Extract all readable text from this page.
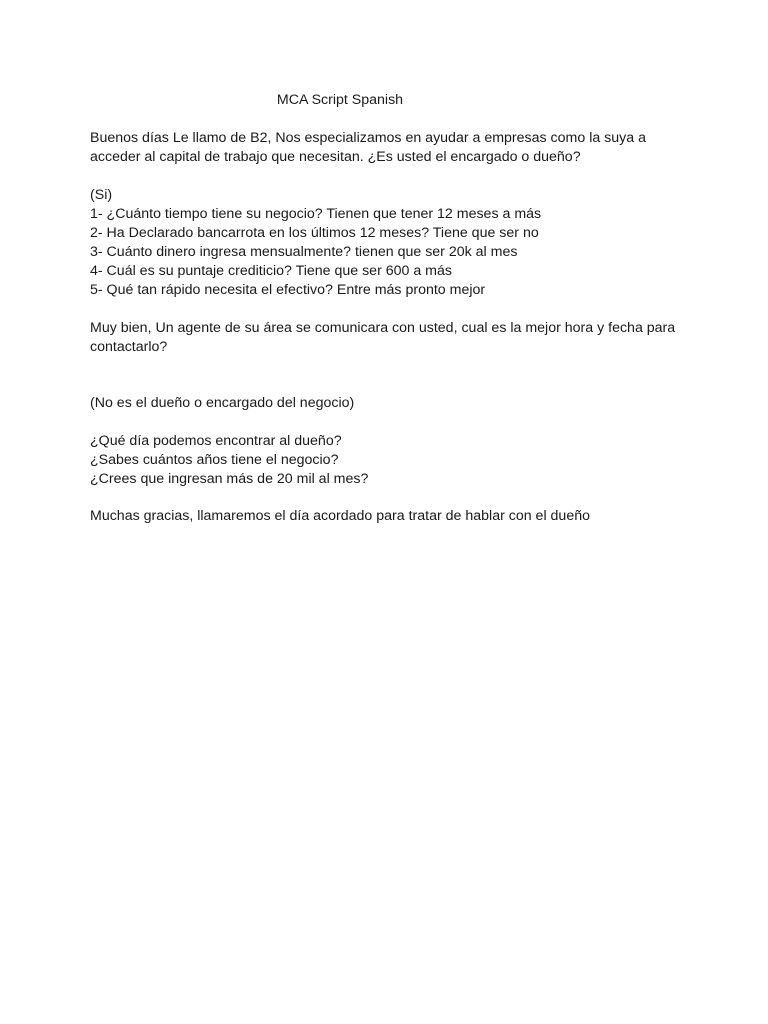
MCA Script Spanish
Buenos días Le llamo de B2, Nos especializamos en ayudar a empresas como la suya a
acceder al capital de trabajo que necesitan. ¿Es usted el encargado o dueño?
(Si)
1- ¿Cuánto tiempo tiene su negocio? Tienen que tener 12 meses a más
2- Ha Declarado bancarrota en los últimos 12 meses? Tiene que ser no
3- Cuánto dinero ingresa mensualmente? tienen que ser 20k al mes
4- Cuál es su puntaje crediticio? Tiene que ser 600 a más
5- Qué tan rápido necesita el efectivo? Entre más pronto mejor
Muy bien, Un agente de su área se comunicara con usted, cual es la mejor hora y fecha para
contactarlo?
(No es el dueño o encargado del negocio)
¿Qué día podemos encontrar al dueño?
¿Sabes cuántos años tiene el negocio?
¿Crees que ingresan más de 20 mil al mes?
Muchas gracias, llamaremos el día acordado para tratar de hablar con el dueño
